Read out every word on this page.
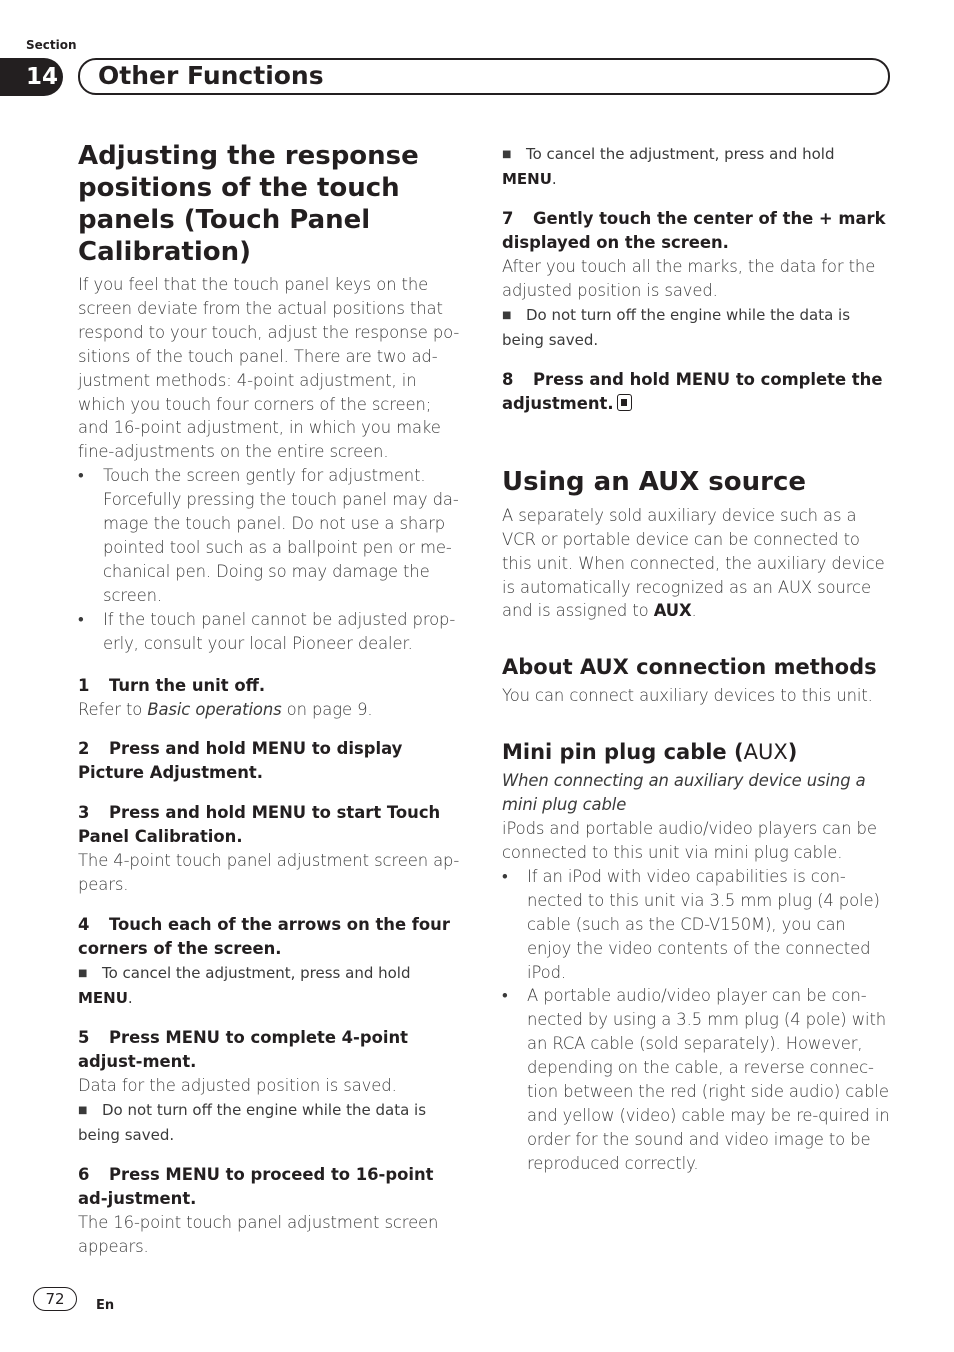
Section
14 Other Functions
Adjusting the response positions of the touch panels (Touch Panel Calibration)

If you feel that the touch panel keys on the screen deviate from the actual positions that respond to your touch, adjust the response po-sitions of the touch panel. There are two ad-justment methods: 4-point adjustment, in which you touch four corners of the screen; and 16-point adjustment, in which you make fine-adjustments on the entire screen.

• Touch the screen gently for adjustment. Forcefully pressing the touch panel may da-mage the touch panel. Do not use a sharp pointed tool such as a ballpoint pen or me-chanical pen. Doing so may damage the screen.
• If the touch panel cannot be adjusted prop-erly, consult your local Pioneer dealer.

1 Turn the unit off.

Refer to Basic operations on page 9.

2 Press and hold MENU to display Picture Adjustment.

3 Press and hold MENU to start Touch Panel Calibration.

The 4-point touch panel adjustment screen ap-pears.

4 Touch each of the arrows on the four corners of the screen.

■ To cancel the adjustment, press and hold MENU.

5 Press MENU to complete 4-point adjust-ment.

Data for the adjusted position is saved.

■ Do not turn off the engine while the data is being saved.

6 Press MENU to proceed to 16-point ad-justment.

The 16-point touch panel adjustment screen appears.

■ To cancel the adjustment, press and hold MENU.

7 Gently touch the center of the + mark displayed on the screen.

After you touch all the marks, the data for the adjusted position is saved.

■ Do not turn off the engine while the data is being saved.

8 Press and hold MENU to complete the adjustment.

Using an AUX source

A separately sold auxiliary device such as a VCR or portable device can be connected to this unit. When connected, the auxiliary device is automatically recognized as an AUX source and is assigned to AUX.

About AUX connection methods

You can connect auxiliary devices to this unit.

Mini pin plug cable (AUX)

When connecting an auxiliary device using a mini plug cable

iPods and portable audio/video players can be connected to this unit via mini plug cable.

• If an iPod with video capabilities is con-nected to this unit via 3.5 mm plug (4 pole) cable (such as the CD-V150M), you can enjoy the video contents of the connected iPod.
• A portable audio/video player can be con-nected by using a 3.5 mm plug (4 pole) with an RCA cable (sold separately). However, depending on the cable, a reverse connec-tion between the red (right side audio) cable and yellow (video) cable may be re-quired in order for the sound and video image to be reproduced correctly.
72	En
